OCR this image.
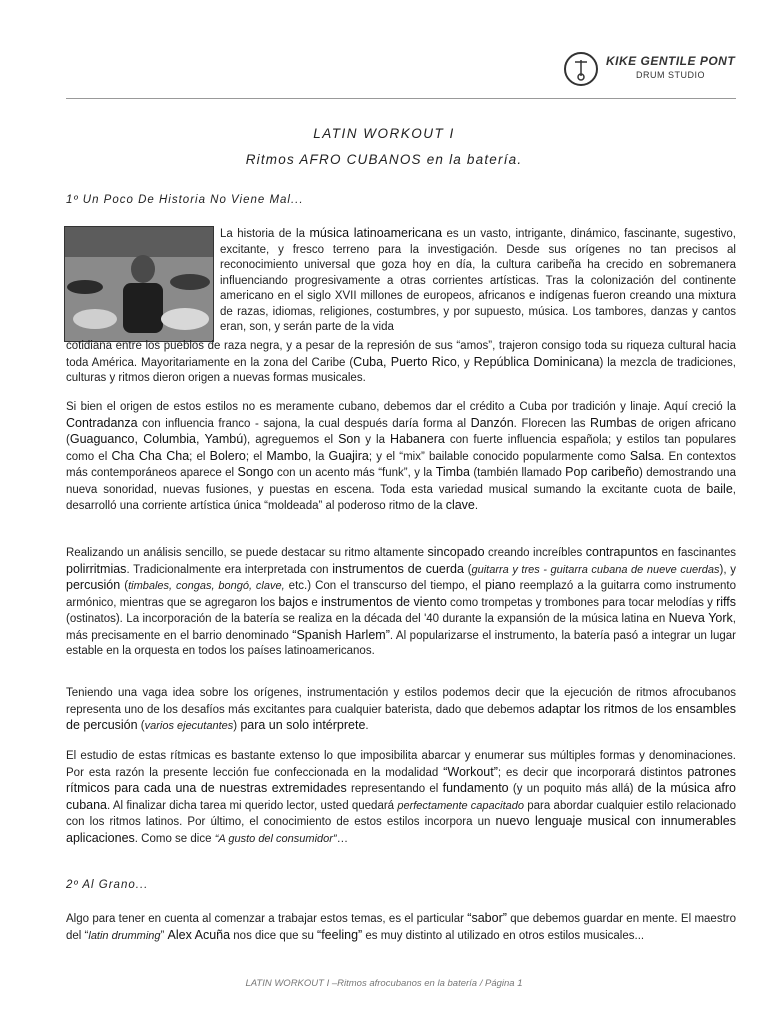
KIKE GENTILE PONT
DRUM STUDIO
LATIN WORKOUT I
Ritmos AFRO CUBANOS en la batería.
1º Un Poco De Historia No Viene Mal...
La historia de la música latinoamericana es un vasto, intrigante, dinámico, fascinante, sugestivo, excitante, y fresco terreno para la investigación. Desde sus orígenes no tan precisos al reconocimiento universal que goza hoy en día, la cultura caribeña ha crecido en sobremanera influenciando progresivamente a otras corrientes artísticas. Tras la colonización del continente americano en el siglo XVII millones de europeos, africanos e indígenas fueron creando una mixtura de razas, idiomas, religiones, costumbres, y por supuesto, música. Los tambores, danzas y cantos eran, son, y serán parte de la vida
cotidiana entre los pueblos de raza negra, y a pesar de la represión de sus “amos”, trajeron consigo toda su riqueza cultural hacia toda América. Mayoritariamente en la zona del Caribe (Cuba, Puerto Rico, y República Dominicana) la mezcla de tradiciones, culturas y ritmos dieron origen a nuevas formas musicales.
Si bien el origen de estos estilos no es meramente cubano, debemos dar el crédito a Cuba por tradición y linaje. Aquí creció la Contradanza con influencia franco - sajona, la cual después daría forma al Danzón. Florecen las Rumbas de origen africano (Guaguanco, Columbia, Yambú), agreguemos el Son y la Habanera con fuerte influencia española; y estilos tan populares como el Cha Cha Cha; el Bolero; el Mambo, la Guajira; y el “mix” bailable conocido popularmente como Salsa. En contextos más contemporáneos aparece el Songo con un acento más “funk”, y la Timba (también llamado Pop caribeño) demostrando una nueva sonoridad, nuevas fusiones, y puestas en escena. Toda esta variedad musical sumando la excitante cuota de baile, desarrolló una corriente artística única “moldeada” al poderoso ritmo de la clave.
Realizando un análisis sencillo, se puede destacar su ritmo altamente sincopado creando increíbles contrapuntos en fascinantes polirritmias. Tradicionalmente era interpretada con instrumentos de cuerda (guitarra y tres - guitarra cubana de nueve cuerdas), y percusión (timbales, congas, bongó, clave, etc.) Con el transcurso del tiempo, el piano reemplazó a la guitarra como instrumento armónico, mientras que se agregaron los bajos e instrumentos de viento como trompetas y trombones para tocar melodías y riffs (ostinatos). La incorporación de la batería se realiza en la década del '40 durante la expansión de la música latina en Nueva York, más precisamente en el barrio denominado “Spanish Harlem”. Al popularizarse el instrumento, la batería pasó a integrar un lugar estable en la orquesta en todos los países latinoamericanos.
Teniendo una vaga idea sobre los orígenes, instrumentación y estilos podemos decir que la ejecución de ritmos afrocubanos representa uno de los desafíos más excitantes para cualquier baterista, dado que debemos adaptar los ritmos de los ensambles de percusión (varios ejecutantes) para un solo intérprete.
El estudio de estas rítmicas es bastante extenso lo que imposibilita abarcar y enumerar sus múltiples formas y denominaciones. Por esta razón la presente lección fue confeccionada en la modalidad “Workout”; es decir que incorporará distintos patrones rítmicos para cada una de nuestras extremidades representando el fundamento (y un poquito más allá) de la música afro cubana. Al finalizar dicha tarea mi querido lector, usted quedará perfectamente capacitado para abordar cualquier estilo relacionado con los ritmos latinos. Por último, el conocimiento de estos estilos incorpora un nuevo lenguaje musical con innumerables aplicaciones. Como se dice “A gusto del consumidor”…
2º Al Grano...
Algo para tener en cuenta al comenzar a trabajar estos temas, es el particular “sabor” que debemos guardar en mente. El maestro del “latin drumming” Alex Acuña nos dice que su “feeling” es muy distinto al utilizado en otros estilos musicales...
LATIN WORKOUT I –Ritmos afrocubanos en la batería / Página 1
